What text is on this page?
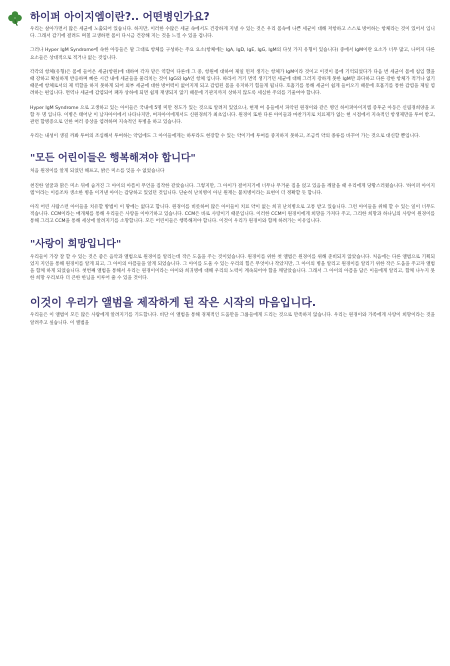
하이퍼 아이지엠이란?.. 어떤병인가요?

우리는 살아가면서 많은 세균에 노출되어 있습니다. 하지만, 이러한 수많은 세균 속에서도 건강하게 지낼 수 있는 것은 우리 몸속에 나쁜 세균이 대해 저항하고 스스로 방어하는 항체라는 것이 있어서 입니다. 그래서 감기에 걸려도 며칠 고생하면 몸이 다시금 건강해 지는 것을 느낄 수 있을 겁니다.

그러나 Hyper IgM Syndrome에 속한 아동들은 말 그대로 항체를 구성하는 주요 요소(항체에는 IgA, IgD, IgE, IgG, IgM의 다섯 가지 유형이 있습니다) 중에서 IgM이란 요소가 너무 많고, 나머지 다른 요소들은 상대적으로 적거나 없는 것입니다.

각각의 항체(유형)은 몸에 들어온 세균(항원)에 대하여 각자 맡은 역할이 다른데 그 중, 항원에 대하여 제일 먼저 생기는 항체가 IgM이라 것이고 이것이 몸에 기억되었다가 다음 번 세균이 몸에 침입 했을 때 강하고 확실하게 반응하며 빠른 시간 내에 세균들을 물리치는 것이 IgG와 IgA인 항체 입니다. 따라서 거기 면역 생기거던 세균에 대해 그러지 강하게 못한 IgM만 과다하고 다른 강한 항체가 적거나 없기 때문에 항체로서의 제 역할을 하지 못하게 되어 외부 세균에 대한 방어력이 없어지게 되고 감염된 몸을 유지하기 힘들게 됩니다. 호흡기를 통해 세균이 쉽게 들어오기 때문에 호흡기를 통한 감염을 제일 염려하는 편입니다. 면역나 세균에 감염되어 패자 상하에 되면 쉽게 재생되지 않기 때문에 기관지까지 상하지 않도록 세심한 주의를 기울여야 합니다.

Hyper IgM Syndrome 으로 고생하고 있는 아이들은 국내에 5명 미만 정도가 있는 것으로 알려져 있었으나, 현재 여 웅들에서 파악된 원경이와 같은 병인 하이퍼아이지엠 증후군 아동은 신림경희양을 포함 두 명 입니다. 이병은 태어난 이 남자아이에서 나타나지만, 여자아이에게서도 신원경희가 최초입니다. 원경이 또한 다른 아이들과 마찬가지로 치료제가 없는 현 시점에서 지속적인 항생제만을 투여 받고, 관련 합병증으로 인한 여러 증상을 염려하며 지속적인 투병을 하고 있습니다.

우리는 내성이 생길 까봐 투여의 조심해서 투여하는 약임에도 그 아이들에게는 하루라도 현장할 수 있는 약이기에 투여를 중지하지 못하고, 조금씩 약의 종류를 바꾸어 가는 것으로 대신할 뿐입니다.

"모든 어린이들은 행복해져야 합니다"

처음 원경이를 알게 되었던 해프고, 밝은 미소를 잊을 수 없었습니다

천진한 얼굴과 맑은 미소 뒤에 숨겨진 그 아이의 아픔이 무언을 짐작한 같았습니다. 그렇지만, 그 아이가 걸어지기에 너무나 무거운 짐을 얹고 있음을 깨달을 때 우리에게 당황스러웠습니다. '하이퍼 아이지엠'이라는 이름조차 생소한 병을 이겨낸 아이는 갑당하고 있었던 것입니다. 단순히 난치병이 아닌 원재는 불치병이라는 표현이 더 정확할 듯 합니다.

아직 어린 사람스런 아이들을 치유할 방법이 이 땅에는 없다고 합니다. 원경이를 비롯하여 많은 아이들이 치료 약이 없는 희귀 난치병으로 고통 받고 있습니다. 그런 아이들을 위해 할 수 있는 일이 너무도 적습니다. CCM이라는 매개체를 통해 우리들은 사랑을 이야기하고 있습니다. CCM은 바로 사랑이기 때문입니다. 이러한 CCM이 원경이에게 희망을 가져다 주고, 그리한 희망과 하나님의 사랑이 원경이를 통해 그리고 CCM을 통해 세상에 알려지기를 소망합니다. 모든 어린이들은 행복해져야 합니다. 이것이 우리가 원경이와 함께 하려가는 이유입니다.

"사랑이 희망입니다"

우리들이 가장 잘 할 수 있는 것은 좋은 음악과 앨범으로 원경이를 알리는데 작은 도움을 주는 것이었습니다. 원경이를 위한 첫 앨범은 원경이를 위해 준비되지 않았습니다. 처음에는 다른 앨범으로 기획되었지 지인을 통해 원경이를 알게 되고, 그 아이의 아픔들을 알게 되었습니다. 그 아이를 도울 수 있는 우리의 힘은 무엇이나 작았지만, 그 아이의 병을 알리고 원경이를 알리기 위한 작은 도움을 주고자 앨범을 함께 하게 되었습니다. 첫번째 앨범을 통해서 우리는 원경이이라는 아이와 희귀병에 대해 우리의 노력이 계속되어야 함을 깨달았습니다. 그래서 그 아이의 아픔을 담은 이들에게 알리고, 함께 나누지 못한 희망 우리보다 더 큰한 한님을 이루어 줄 수 있을 것이다.

이것이 우리가 앨범을 제작하게 된 작은 시작의 마음입니다.

우리들은 이 앨범이 모든 많은 사람에게 알려지기를 기도합니다. 비단 이 앨범을 통해 경제적인 도움만을 그룹들에게 드리는 것으로 만족하지 않습니다. 우리는 원경이와 가족에게 사랑이 희망이라는 것을 알려주고 싶습니다. 이 앨범을
